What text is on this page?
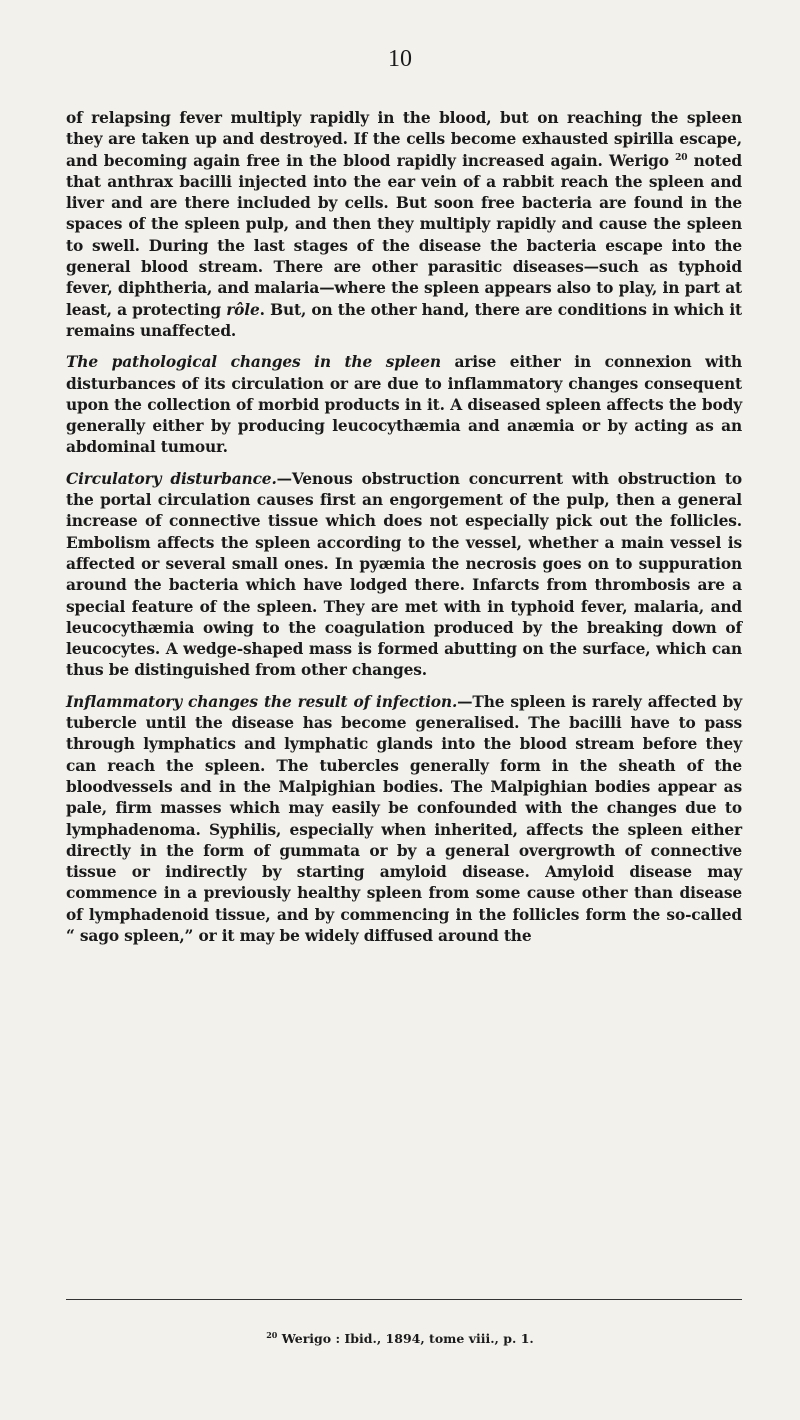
10

of relapsing fever multiply rapidly in the blood, but on reaching the spleen they are taken up and destroyed. If the cells become exhausted spirilla escape, and becoming again free in the blood rapidly increased again. Werigo $^{20}$ noted that anthrax bacilli injected into the ear vein of a rabbit reach the spleen and liver and are there included by cells. But soon free bacteria are found in the spaces of the spleen pulp, and then they multiply rapidly and cause the spleen to swell. During the last stages of the disease the bacteria escape into the general blood stream. There are other parasitic diseases—such as typhoid fever, diphtheria, and malaria—where the spleen appears also to play, in part at least, a protecting rôle. But, on the other hand, there are conditions in which it remains unaffected.

The pathological changes in the spleen arise either in connexion with disturbances of its circulation or are due to inflammatory changes consequent upon the collection of morbid products in it. A diseased spleen affects the body generally either by producing leucocythæmia and anæmia or by acting as an abdominal tumour.

Circulatory disturbance.—Venous obstruction concurrent with obstruction to the portal circulation causes first an engorgement of the pulp, then a general increase of connective tissue which does not especially pick out the follicles. Embolism affects the spleen according to the vessel, whether a main vessel is affected or several small ones. In pyæmia the necrosis goes on to suppuration around the bacteria which have lodged there. Infarcts from thrombosis are a special feature of the spleen. They are met with in typhoid fever, malaria, and leucocythæmia owing to the coagulation produced by the breaking down of leucocytes. A wedge-shaped mass is formed abutting on the surface, which can thus be distinguished from other changes.

Inflammatory changes the result of infection.—The spleen is rarely affected by tubercle until the disease has become generalised. The bacilli have to pass through lymphatics and lymphatic glands into the blood stream before they can reach the spleen. The tubercles generally form in the sheath of the bloodvessels and in the Malpighian bodies. The Malpighian bodies appear as pale, firm masses which may easily be confounded with the changes due to lymphadenoma. Syphilis, especially when inherited, affects the spleen either directly in the form of gummata or by a general overgrowth of connective tissue or indirectly by starting amyloid disease. Amyloid disease may commence in a previously healthy spleen from some cause other than disease of lymphadenoid tissue, and by commencing in the follicles form the so-called “ sago spleen,” or it may be widely diffused around the

$^{20}$ Werigo : Ibid., 1894, tome viii., p. 1.
